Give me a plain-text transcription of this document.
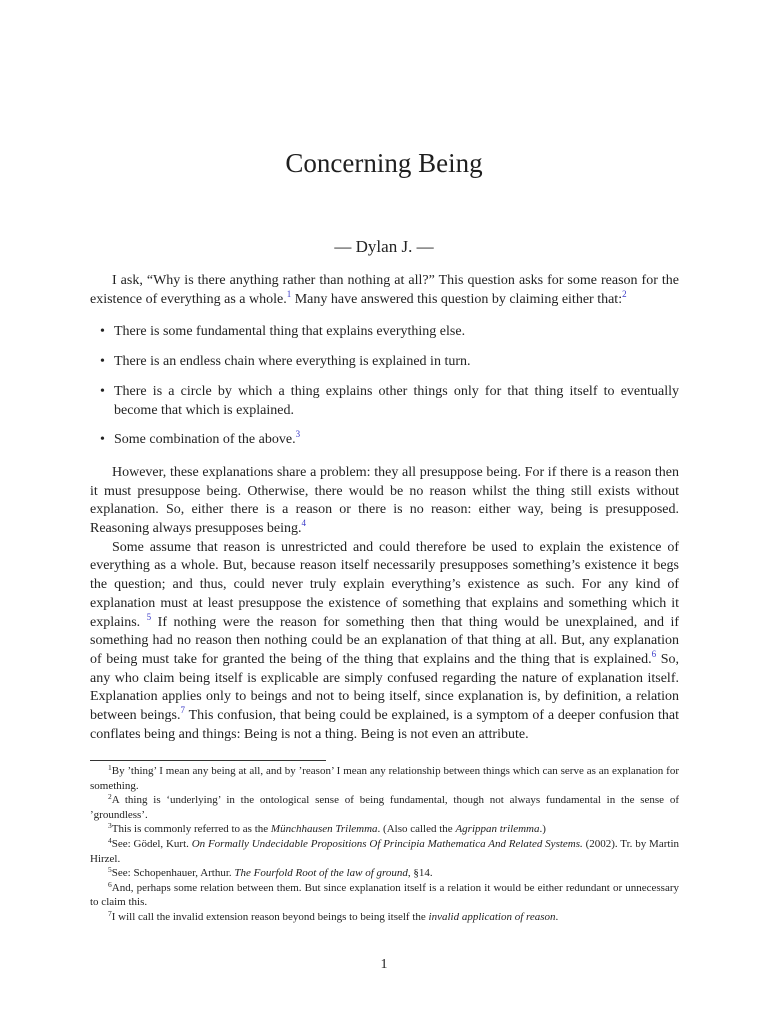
Concerning Being
— Dylan J. —

I ask, “Why is there anything rather than nothing at all?” This question asks for some reason for the existence of everything as a whole.$^1$ Many have answered this question by claiming either that:$^2$

• There is some fundamental thing that explains everything else.
• There is an endless chain where everything is explained in turn.
• There is a circle by which a thing explains other things only for that thing itself to eventually become that which is explained.
• Some combination of the above.$^3$

However, these explanations share a problem: they all presuppose being. For if there is a reason then it must presuppose being. Otherwise, there would be no reason whilst the thing still exists without explanation. So, either there is a reason or there is no reason: either way, being is presupposed. Reasoning always presupposes being.$^4$

Some assume that reason is unrestricted and could therefore be used to explain the existence of everything as a whole. But, because reason itself necessarily presupposes something’s existence it begs the question; and thus, could never truly explain everything’s existence as such. For any kind of explanation must at least presuppose the existence of something that explains and something which it explains. $^5$ If nothing were the reason for something then that thing would be unexplained, and if something had no reason then nothing could be an explanation of that thing at all. But, any explanation of being must take for granted the being of the thing that explains and the thing that is explained.$^6$ So, any who claim being itself is explicable are simply confused regarding the nature of explanation itself. Explanation applies only to beings and not to being itself, since explanation is, by definition, a relation between beings.$^7$ This confusion, that being could be explained, is a symptom of a deeper confusion that conflates being and things: Being is not a thing. Being is not even an attribute.

$^1$By ’thing’ I mean any being at all, and by ’reason’ I mean any relationship between things which can serve as an explanation for something.

$^2$A thing is ‘underlying’ in the ontological sense of being fundamental, though not always fundamental in the sense of ’groundless’.

$^3$This is commonly referred to as the Münchhausen Trilemma. (Also called the Agrippan trilemma.)

$^4$See: Gödel, Kurt. On Formally Undecidable Propositions Of Principia Mathematica And Related Systems. (2002). Tr. by Martin Hirzel.

$^5$See: Schopenhauer, Arthur. The Fourfold Root of the law of ground, §14.

$^6$And, perhaps some relation between them. But since explanation itself is a relation it would be either redundant or unnecessary to claim this.

$^7$I will call the invalid extension reason beyond beings to being itself the invalid application of reason.

1
